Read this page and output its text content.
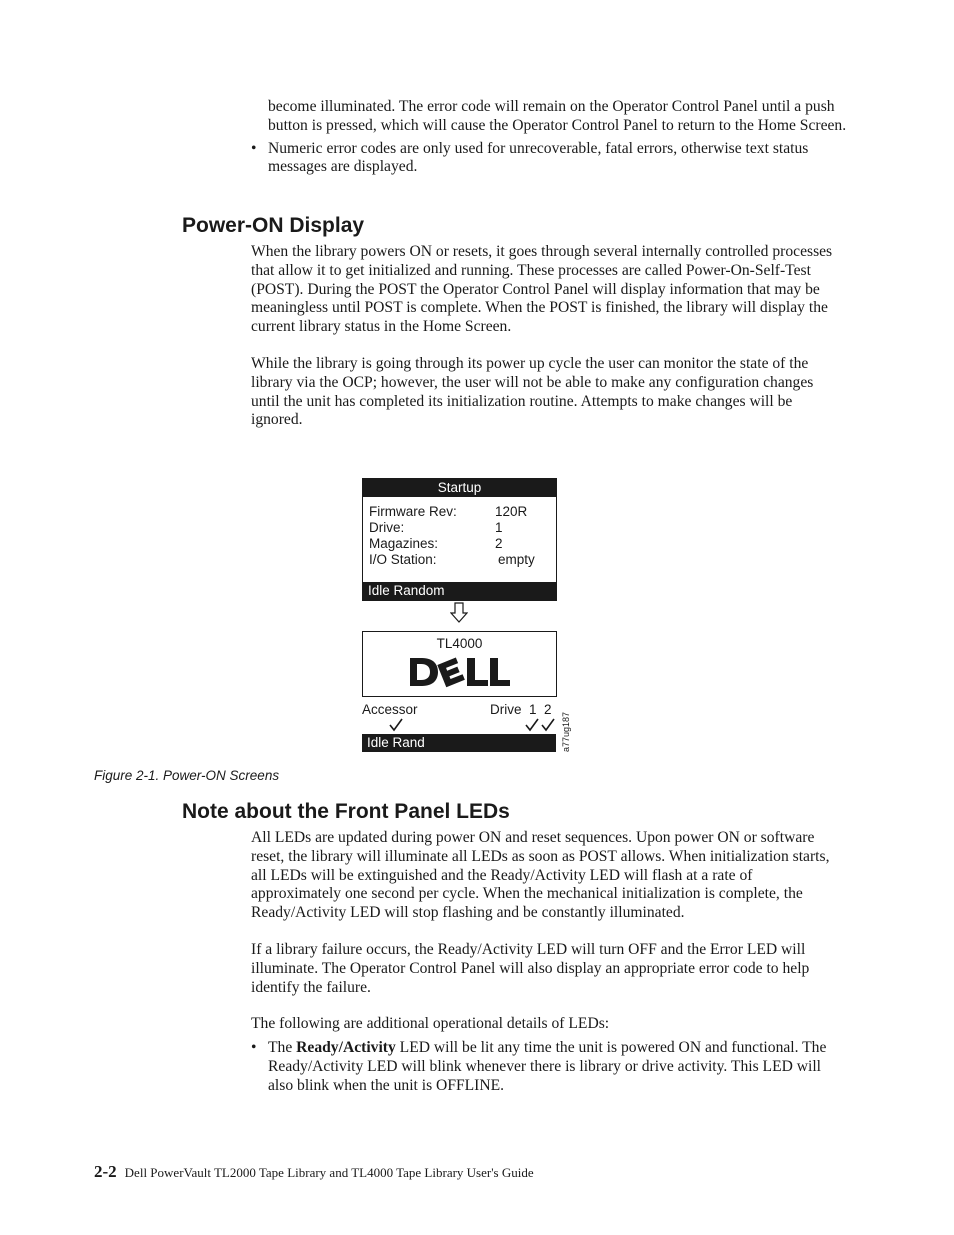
become illuminated. The error code will remain on the Operator Control Panel until a push button is pressed, which will cause the Operator Control Panel to return to the Home Screen.

• Numeric error codes are only used for unrecoverable, fatal errors, otherwise text status messages are displayed.

Power-ON Display

When the library powers ON or resets, it goes through several internally controlled processes that allow it to get initialized and running. These processes are called Power-On-Self-Test (POST). During the POST the Operator Control Panel will display information that may be meaningless until POST is complete. When the POST is finished, the library will display the current library status in the Home Screen.

While the library is going through its power up cycle the user can monitor the state of the library via the OCP; however, the user will not be able to make any configuration changes until the unit has completed its initialization routine. Attempts to make changes will be ignored.

Startup
Firmware Rev:	120R
Drive:	1
Magazines:	2
I/O Station:	empty
Idle Random
TL4000
Accessor	Drive  1  2
Idle Rand	a77ug187
Figure 2-1. Power-ON Screens
Note about the Front Panel LEDs

All LEDs are updated during power ON and reset sequences. Upon power ON or software reset, the library will illuminate all LEDs as soon as POST allows. When initialization starts, all LEDs will be extinguished and the Ready/Activity LED will flash at a rate of approximately one second per cycle. When the mechanical initialization is complete, the Ready/Activity LED will stop flashing and be constantly illuminated.

If a library failure occurs, the Ready/Activity LED will turn OFF and the Error LED will illuminate. The Operator Control Panel will also display an appropriate error code to help identify the failure.

The following are additional operational details of LEDs:

• The Ready/Activity LED will be lit any time the unit is powered ON and functional. The Ready/Activity LED will blink whenever there is library or drive activity. This LED will also blink when the unit is OFFLINE.

2-2 Dell PowerVault TL2000 Tape Library and TL4000 Tape Library User's Guide
